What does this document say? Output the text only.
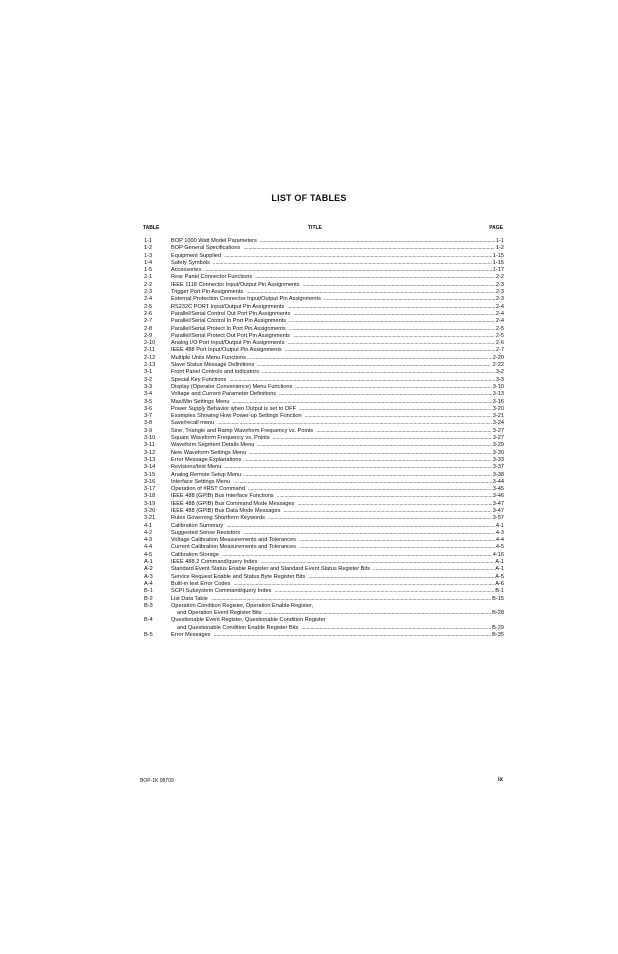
LIST OF TABLES
TABLE	TITLE	PAGE
1-1	BOP 1000 Watt Model Parameters . . .	1-1
1-2	BOP General Specifications . . .	1-2
1-3	Equipment Supplied . . .	1-15
1-4	Safety Symbols . . .	1-15
1-5	Accessories . . .	1-17
2-1	Rear Panel Connector Functions . . .	2-2
2-2	IEEE 1118 Connector Input/Output Pin Assignments . . .	2-3
2-3	Trigger Port Pin Assignments . . .	2-3
2-4	External Protection Connector Input/Output Pin Assignments . . .	2-3
2-5	RS232C PORT Input/Output Pin Assignments . . .	2-4
2-6	Parallel/Serial Control Out Port Pin Assignments . . .	2-4
2-7	Parallel/Serial Control In Port Pin Assignments . . .	2-4
2-8	Parallel/Serial Protect In Port Pin Assignments . . .	2-5
2-9	Parallel/Serial Protect Out Port Pin Assignments . . .	2-5
2-10	Analog I/O Port Input/Output Pin Assignments . . .	2-6
2-11	IEEE 488 Port Input/Output Pin Assignments . . .	2-7
2-12	Multiple Units Menu Functions . . .	2-20
2-13	Slave Status Message Definitions . . .	2-22
3-1	Front Panel Controls and Indicators . . .	3-2
3-2	Special Key Functions . . .	3-3
3-3	Display (Operator Convenience) Menu Functions . . .	3-10
3-4	Voltage and Current Parameter Definitions . . .	3-13
3-5	Max/Min Settings Menu . . .	3-16
3-6	Power Supply Behavior when Output is set to OFF . . .	3-20
3-7	Examples Showing How Power-up Settings Function . . .	3-21
3-8	Save/recall menu . . .	3-24
3-9	Sine, Triangle and Ramp Waveform Frequency vs. Points . . .	3-27
3-10	Square Waveform Frequency vs. Points . . .	3-27
3-11	Waveform Segment Details Menu . . .	3-29
3-12	New Waveform Settings Menu . . .	3-30
3-13	Error Message Explanations . . .	3-33
3-14	Revisions/test Menu . . .	3-37
3-15	Analog Remote Setup Menu . . .	3-38
3-16	Interface Settings Menu . . .	3-44
3-17	Operation of #RST Command . . .	3-45
3-18	IEEE 488 (GPIB) Bus Interface Functions . . .	3-46
3-19	IEEE 488 (GPIB) Bus Command Mode Messages . . .	3-47
3-20	IEEE 488 (GPIB) Bus Data Mode Messages . . .	3-47
3-21	Rules Governing Shortform Keywords . . .	3-57
4-1	Calibration Summary . . .	4-1
4-2	Suggested Sense Resistors . . .	4-3
4-3	Voltage Calibration Measurements and Tolerances . . .	4-4
4-4	Current Calibration Measurements and Tolerances . . .	4-5
4-5	Calibration Storage . . .	4-16
A-1	IEEE 488.2 Command/query Index . . .	A-1
A-2	Standard Event Status Enable Register and Standard Event Status Register Bits . . .	A-1
A-3	Service Request Enable and Status Byte Register Bits . . .	A-5
A-4	Built-in test Error Codes . . .	A-6
B-1	SCPI Subsystem Command/query Index . . .	B-1
B-2	List Data Table . . .	B-15
B-3	Operation Condition Register, Operation Enable Register,
and Operation Event Register Bits . . .	B-28
B-4	Questionable Event Register, Questionable Condition Register
and Questionable Condition Enable Register Bits . . .	B-29
B-5	Error Messages . . .	B-35
BOP-1K 08709	ix
